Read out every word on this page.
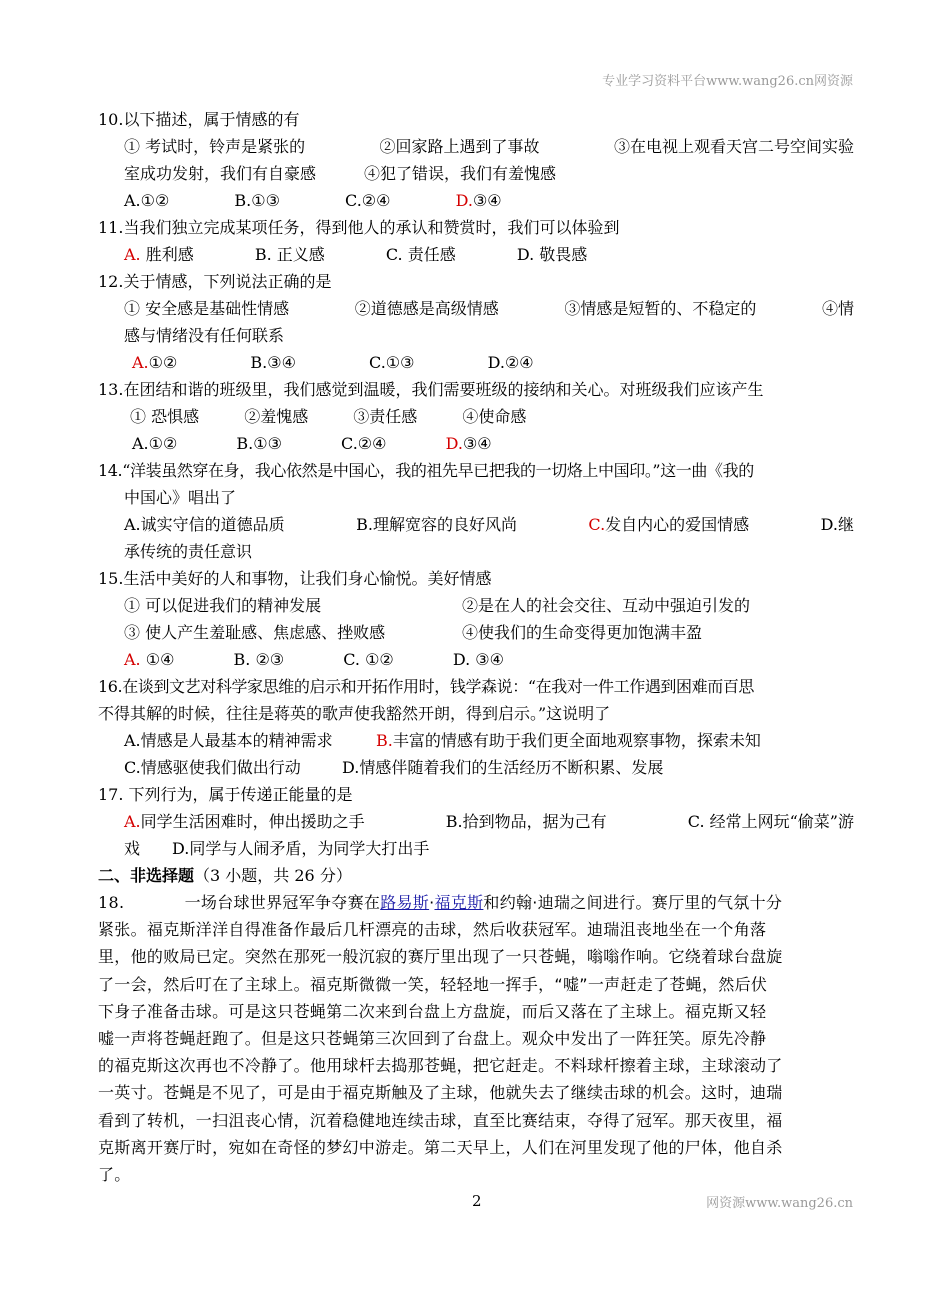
专业学习资料平台www.wang26.cn网资源
10.以下描述，属于情感的有
① 考试时，铃声是紧张的	②回家路上遇到了事故	③在电视上观看天宫二号空间实验
室成功发射，我们有自豪感　　　④犯了错误，我们有羞愧感
A.①②	B.①③	C.②④	D.③④
11.当我们独立完成某项任务，得到他人的承认和赞赏时，我们可以体验到
A. 胜利感	B. 正义感	C. 责任感	D. 敬畏感
12.关于情感，下列说法正确的是
① 安全感是基础性情感	②道德感是高级情感	③情感是短暂的、不稳定的	④情
感与情绪没有任何联系
A.①②	B.③④	C.①③	D.②④
13.在团结和谐的班级里，我们感觉到温暖，我们需要班级的接纳和关心。对班级我们应该产生
① 恐惧感	②羞愧感	③责任感	④使命感
A.①②	B.①③	C.②④	D.③④
14.“洋装虽然穿在身，我心依然是中国心，我的祖先早已把我的一切烙上中国印。”这一曲《我的
中国心》唱出了
A.诚实守信的道德品质	B.理解宽容的良好风尚	C.发自内心的爱国情感	D.继
承传统的责任意识
15.生活中美好的人和事物，让我们身心愉悦。美好情感
① 可以促进我们的精神发展	②是在人的社会交往、互动中强迫引发的
③ 使人产生羞耻感、焦虑感、挫败感	④使我们的生命变得更加饱满丰盈
A. ①④	B. ②③	C. ①②	D. ③④
16.在谈到文艺对科学家思维的启示和开拓作用时，钱学森说：“在我对一件工作遇到困难而百思
不得其解的时候，往往是蒋英的歌声使我豁然开朗，得到启示。”这说明了
A.情感是人最基本的精神需求	B.丰富的情感有助于我们更全面地观察事物，探索未知
C.情感驱使我们做出行动	D.情感伴随着我们的生活经历不断积累、发展
17. 下列行为，属于传递正能量的是
A.同学生活困难时，伸出援助之手	B.拾到物品，据为己有	C. 经常上网玩“偷菜”游
戏　　D.同学与人闹矛盾，为同学大打出手
二、非选择题（3 小题，共 26 分）
18.　　一场台球世界冠军争夺赛在路易斯·福克斯和约翰·迪瑞之间进行。赛厅里的气氛十分
紧张。福克斯洋洋自得准备作最后几杆漂亮的击球，然后收获冠军。迪瑞沮丧地坐在一个角落
里，他的败局已定。突然在那死一般沉寂的赛厅里出现了一只苍蝇，嗡嗡作响。它绕着球台盘旋
了一会，然后叮在了主球上。福克斯微微一笑，轻轻地一挥手，“嘘”一声赶走了苍蝇，然后伏
下身子准备击球。可是这只苍蝇第二次来到台盘上方盘旋，而后又落在了主球上。福克斯又轻
嘘一声将苍蝇赶跑了。但是这只苍蝇第三次回到了台盘上。观众中发出了一阵狂笑。原先冷静
的福克斯这次再也不冷静了。他用球杆去捣那苍蝇，把它赶走。不料球杆擦着主球，主球滚动了
一英寸。苍蝇是不见了，可是由于福克斯触及了主球，他就失去了继续击球的机会。这时，迪瑞
看到了转机，一扫沮丧心情，沉着稳健地连续击球，直至比赛结束，夺得了冠军。那天夜里，福
克斯离开赛厅时，宛如在奇怪的梦幻中游走。第二天早上，人们在河里发现了他的尸体，他自杀
了。
2	网资源www.wang26.cn
